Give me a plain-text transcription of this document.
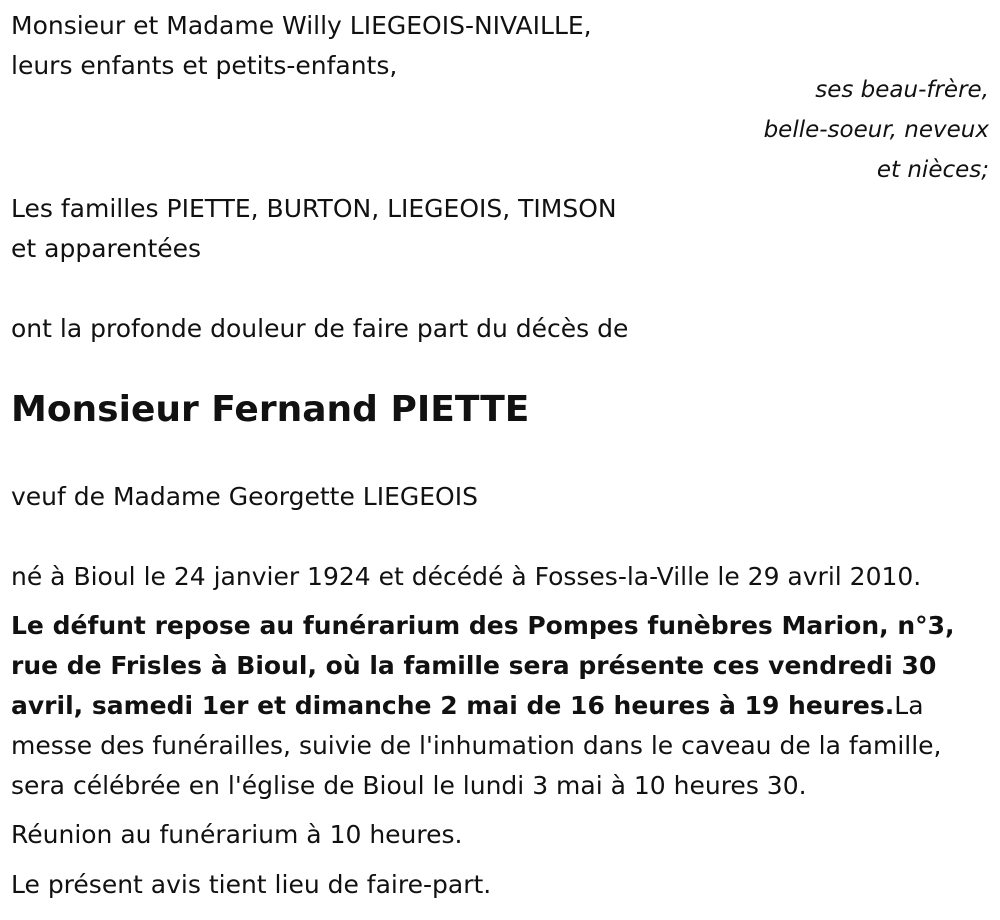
Monsieur et Madame Willy LIEGEOIS-NIVAILLE,
leurs enfants et petits-enfants,
ses beau-frère,
belle-soeur, neveux
et nièces;
Les familles PIETTE, BURTON, LIEGEOIS, TIMSON
et apparentées
ont la profonde douleur de faire part du décès de
Monsieur Fernand PIETTE
veuf de Madame Georgette LIEGEOIS
né à Bioul le 24 janvier 1924 et décédé à Fosses-la-Ville le 29 avril 2010.
Le défunt repose au funérarium des Pompes funèbres Marion, n°3, rue de Frisles à Bioul, où la famille sera présente ces vendredi 30 avril, samedi 1er et dimanche 2 mai de 16 heures à 19 heures.La messe des funérailles, suivie de l'inhumation dans le caveau de la famille, sera célébrée en l'église de Bioul le lundi 3 mai à 10 heures 30.
Réunion au funérarium à 10 heures.
Le présent avis tient lieu de faire-part.
